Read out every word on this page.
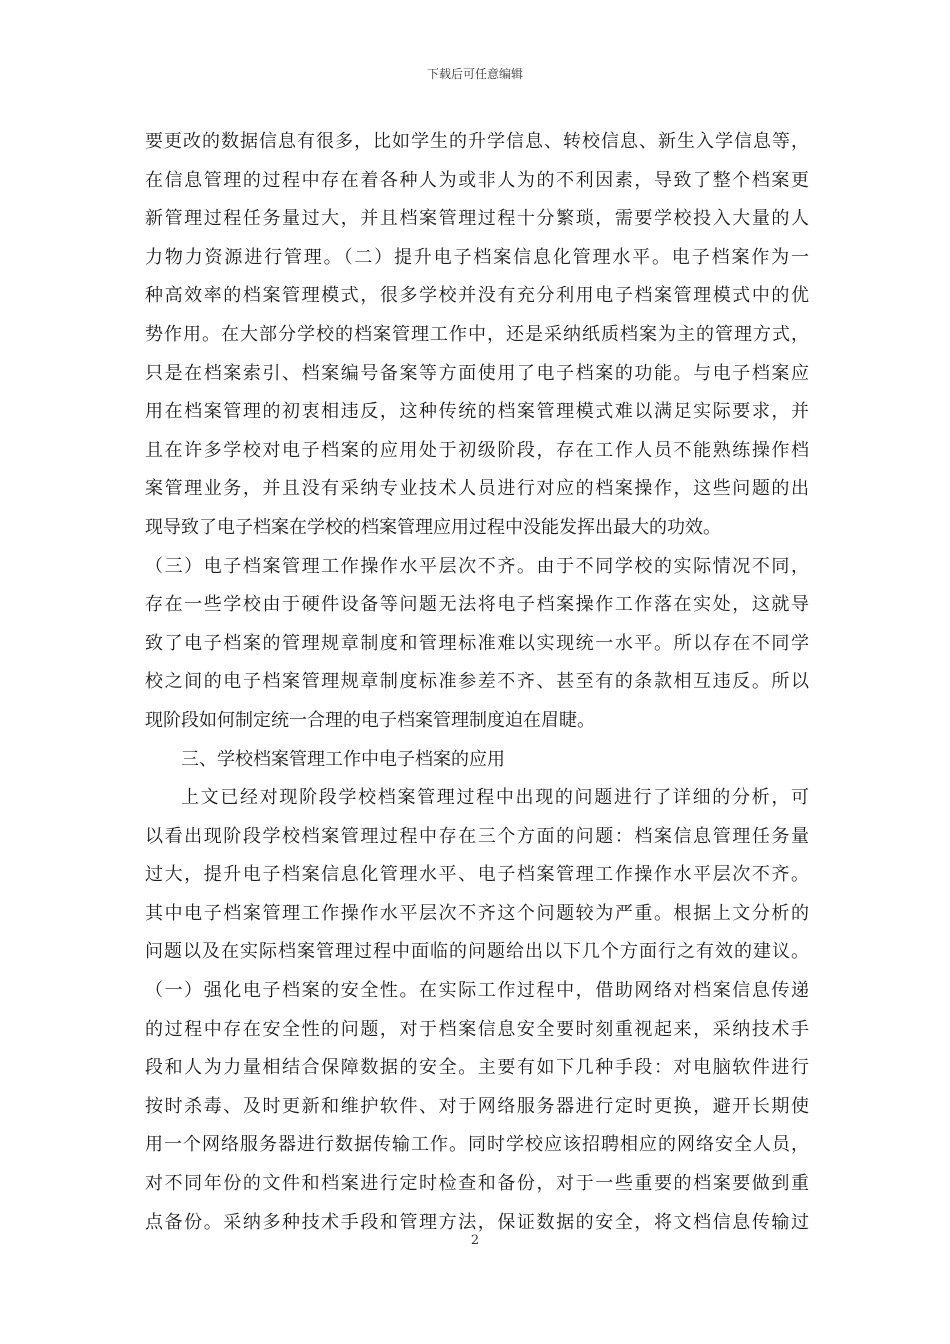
下载后可任意编辑
要更改的数据信息有很多，比如学生的升学信息、转校信息、新生入学信息等，
在信息管理的过程中存在着各种人为或非人为的不利因素，导致了整个档案更
新管理过程任务量过大，并且档案管理过程十分繁琐，需要学校投入大量的人
力物力资源进行管理。（二）提升电子档案信息化管理水平。电子档案作为一
种高效率的档案管理模式，很多学校并没有充分利用电子档案管理模式中的优
势作用。在大部分学校的档案管理工作中，还是采纳纸质档案为主的管理方式，
只是在档案索引、档案编号备案等方面使用了电子档案的功能。与电子档案应
用在档案管理的初衷相违反，这种传统的档案管理模式难以满足实际要求，并
且在许多学校对电子档案的应用处于初级阶段，存在工作人员不能熟练操作档
案管理业务，并且没有采纳专业技术人员进行对应的档案操作，这些问题的出
现导致了电子档案在学校的档案管理应用过程中没能发挥出最大的功效。
（三）电子档案管理工作操作水平层次不齐。由于不同学校的实际情况不同，
存在一些学校由于硬件设备等问题无法将电子档案操作工作落在实处，这就导
致了电子档案的管理规章制度和管理标准难以实现统一水平。所以存在不同学
校之间的电子档案管理规章制度标准参差不齐、甚至有的条款相互违反。所以
现阶段如何制定统一合理的电子档案管理制度迫在眉睫。
三、学校档案管理工作中电子档案的应用
上文已经对现阶段学校档案管理过程中出现的问题进行了详细的分析，可
以看出现阶段学校档案管理过程中存在三个方面的问题：档案信息管理任务量
过大，提升电子档案信息化管理水平、电子档案管理工作操作水平层次不齐。
其中电子档案管理工作操作水平层次不齐这个问题较为严重。根据上文分析的
问题以及在实际档案管理过程中面临的问题给出以下几个方面行之有效的建议。
（一）强化电子档案的安全性。在实际工作过程中，借助网络对档案信息传递
的过程中存在安全性的问题，对于档案信息安全要时刻重视起来，采纳技术手
段和人为力量相结合保障数据的安全。主要有如下几种手段：对电脑软件进行
按时杀毒、及时更新和维护软件、对于网络服务器进行定时更换，避开长期使
用一个网络服务器进行数据传输工作。同时学校应该招聘相应的网络安全人员，
对不同年份的文件和档案进行定时检查和备份，对于一些重要的档案要做到重
点备份。采纳多种技术手段和管理方法，保证数据的安全，将文档信息传输过
2
